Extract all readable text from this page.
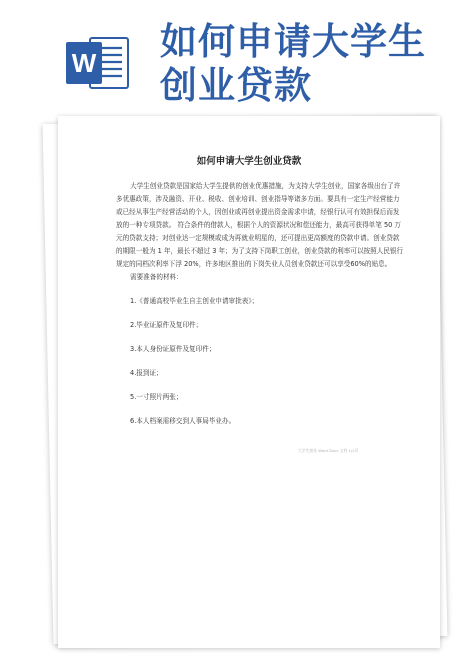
W 如何申请大学生创业贷款
如何申请大学生创业贷款

大学生创业贷款是国家给大学生提供的创业优惠措施，为支持大学生创业，国家各级出台了许多优惠政策，涉及融资、开业、税收、创业培训、创业指导等诸多方面。要具有一定生产经营能力或已经从事生产经营活动的个人，因创业或再创业提出资金需求申请，经银行认可有效担保后而发放的一种专项贷款。 符合条件的借款人，根据个人的资源状况和偿还能力，最高可获得单笔 50 万元的贷款支持；对创业达一定规模或成为再就业明星的，还可提出更高额度的贷款申请。创业贷款的期限一般为 1 年，最长不超过 3 年；为了支持下岗职工创业，创业贷款的利率可以按照人民银行规定的同档次利率下浮 20%，许多地区推出的下岗失业人员创业贷款还可以享受60%的贴息。

需要准备的材料：

1.《普通高校毕业生自主创业申请审批表》；

2.毕业证原件及复印件；

3.本人身份证原件及复印件；

4.报到证；

5.一寸照片两张；

6.本人档案需移交到人事局毕业办。

大学生创业 Word Docs 文档 1/1页
